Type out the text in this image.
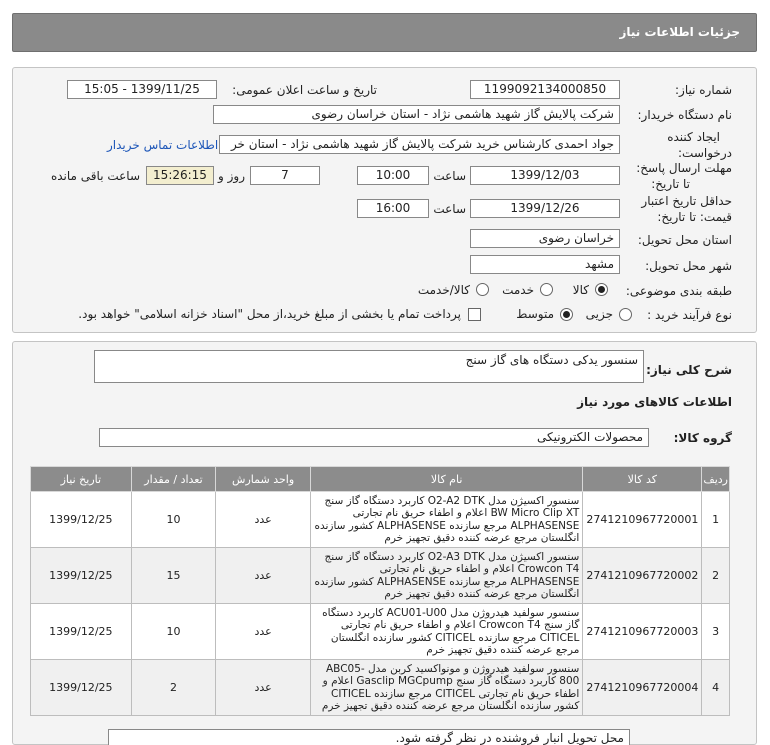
جزئیات اطلاعات نیاز
شماره نیاز:
1199092134000850
تاریخ و ساعت اعلان عمومی:
1399/11/25 - 15:05
نام دستگاه خریدار:
شرکت پالایش گاز شهید هاشمی نژاد - استان خراسان رضوی
ایجاد کننده
درخواست:
جواد احمدی کارشناس خرید شرکت پالایش گاز شهید هاشمی نژاد - استان خر
اطلاعات تماس خریدار
مهلت ارسال پاسخ:
تا تاریخ:
1399/12/03
ساعت
10:00
7
روز و
15:26:15
ساعت باقی مانده
حداقل تاریخ اعتبار
قیمت: تا تاریخ:
1399/12/26
ساعت
16:00
استان محل تحویل:
خراسان رضوی
شهر محل تحویل:
مشهد
طبقه بندی موضوعی:
کالا
خدمت
کالا/خدمت
نوع فرآیند خرید :
جزیی
متوسط
پرداخت تمام یا بخشی از مبلغ خرید،از محل "اسناد خزانه اسلامی" خواهد بود.
شرح کلی نیاز:
سنسور یدکی دستگاه های گاز سنج
اطلاعات کالاهای مورد نیاز
گروه کالا:
محصولات الکترونیکی
ردیف	کد کالا	نام کالا	واحد شمارش	تعداد / مقدار	تاریخ نیاز
1	2741210967720001	سنسور اکسیژن مدل O2-A2 DTK کاربرد دستگاه گاز سنج BW Micro Clip XT اعلام و اطفاء حریق نام تجارتی ALPHASENSE مرجع سازنده ALPHASENSE کشور سازنده انگلستان مرجع عرضه کننده دقیق تجهیز خرم	عدد	10	1399/12/25
2	2741210967720002	سنسور اکسیژن مدل O2-A3 DTK کاربرد دستگاه گاز سنج Crowcon T4 اعلام و اطفاء حریق نام تجارتی ALPHASENSE مرجع سازنده ALPHASENSE کشور سازنده انگلستان مرجع عرضه کننده دقیق تجهیز خرم	عدد	15	1399/12/25
3	2741210967720003	سنسور سولفید هیدروژن مدل ACU01-U00 کاربرد دستگاه گاز سنج Crowcon T4 اعلام و اطفاء حریق نام تجارتی CITICEL مرجع سازنده CITICEL کشور سازنده انگلستان مرجع عرضه کننده دقیق تجهیز خرم	عدد	10	1399/12/25
4	2741210967720004	سنسور سولفید هیدروژن و مونواکسید کربن مدل ABC05-800 کاربرد دستگاه گاز سنج Gasclip MGCpump اعلام و اطفاء حریق نام تجارتی CITICEL مرجع سازنده CITICEL کشور سازنده انگلستان مرجع عرضه کننده دقیق تجهیز خرم	عدد	2	1399/12/25
محل تحویل انبار فروشنده در نظر گرفته شود.
